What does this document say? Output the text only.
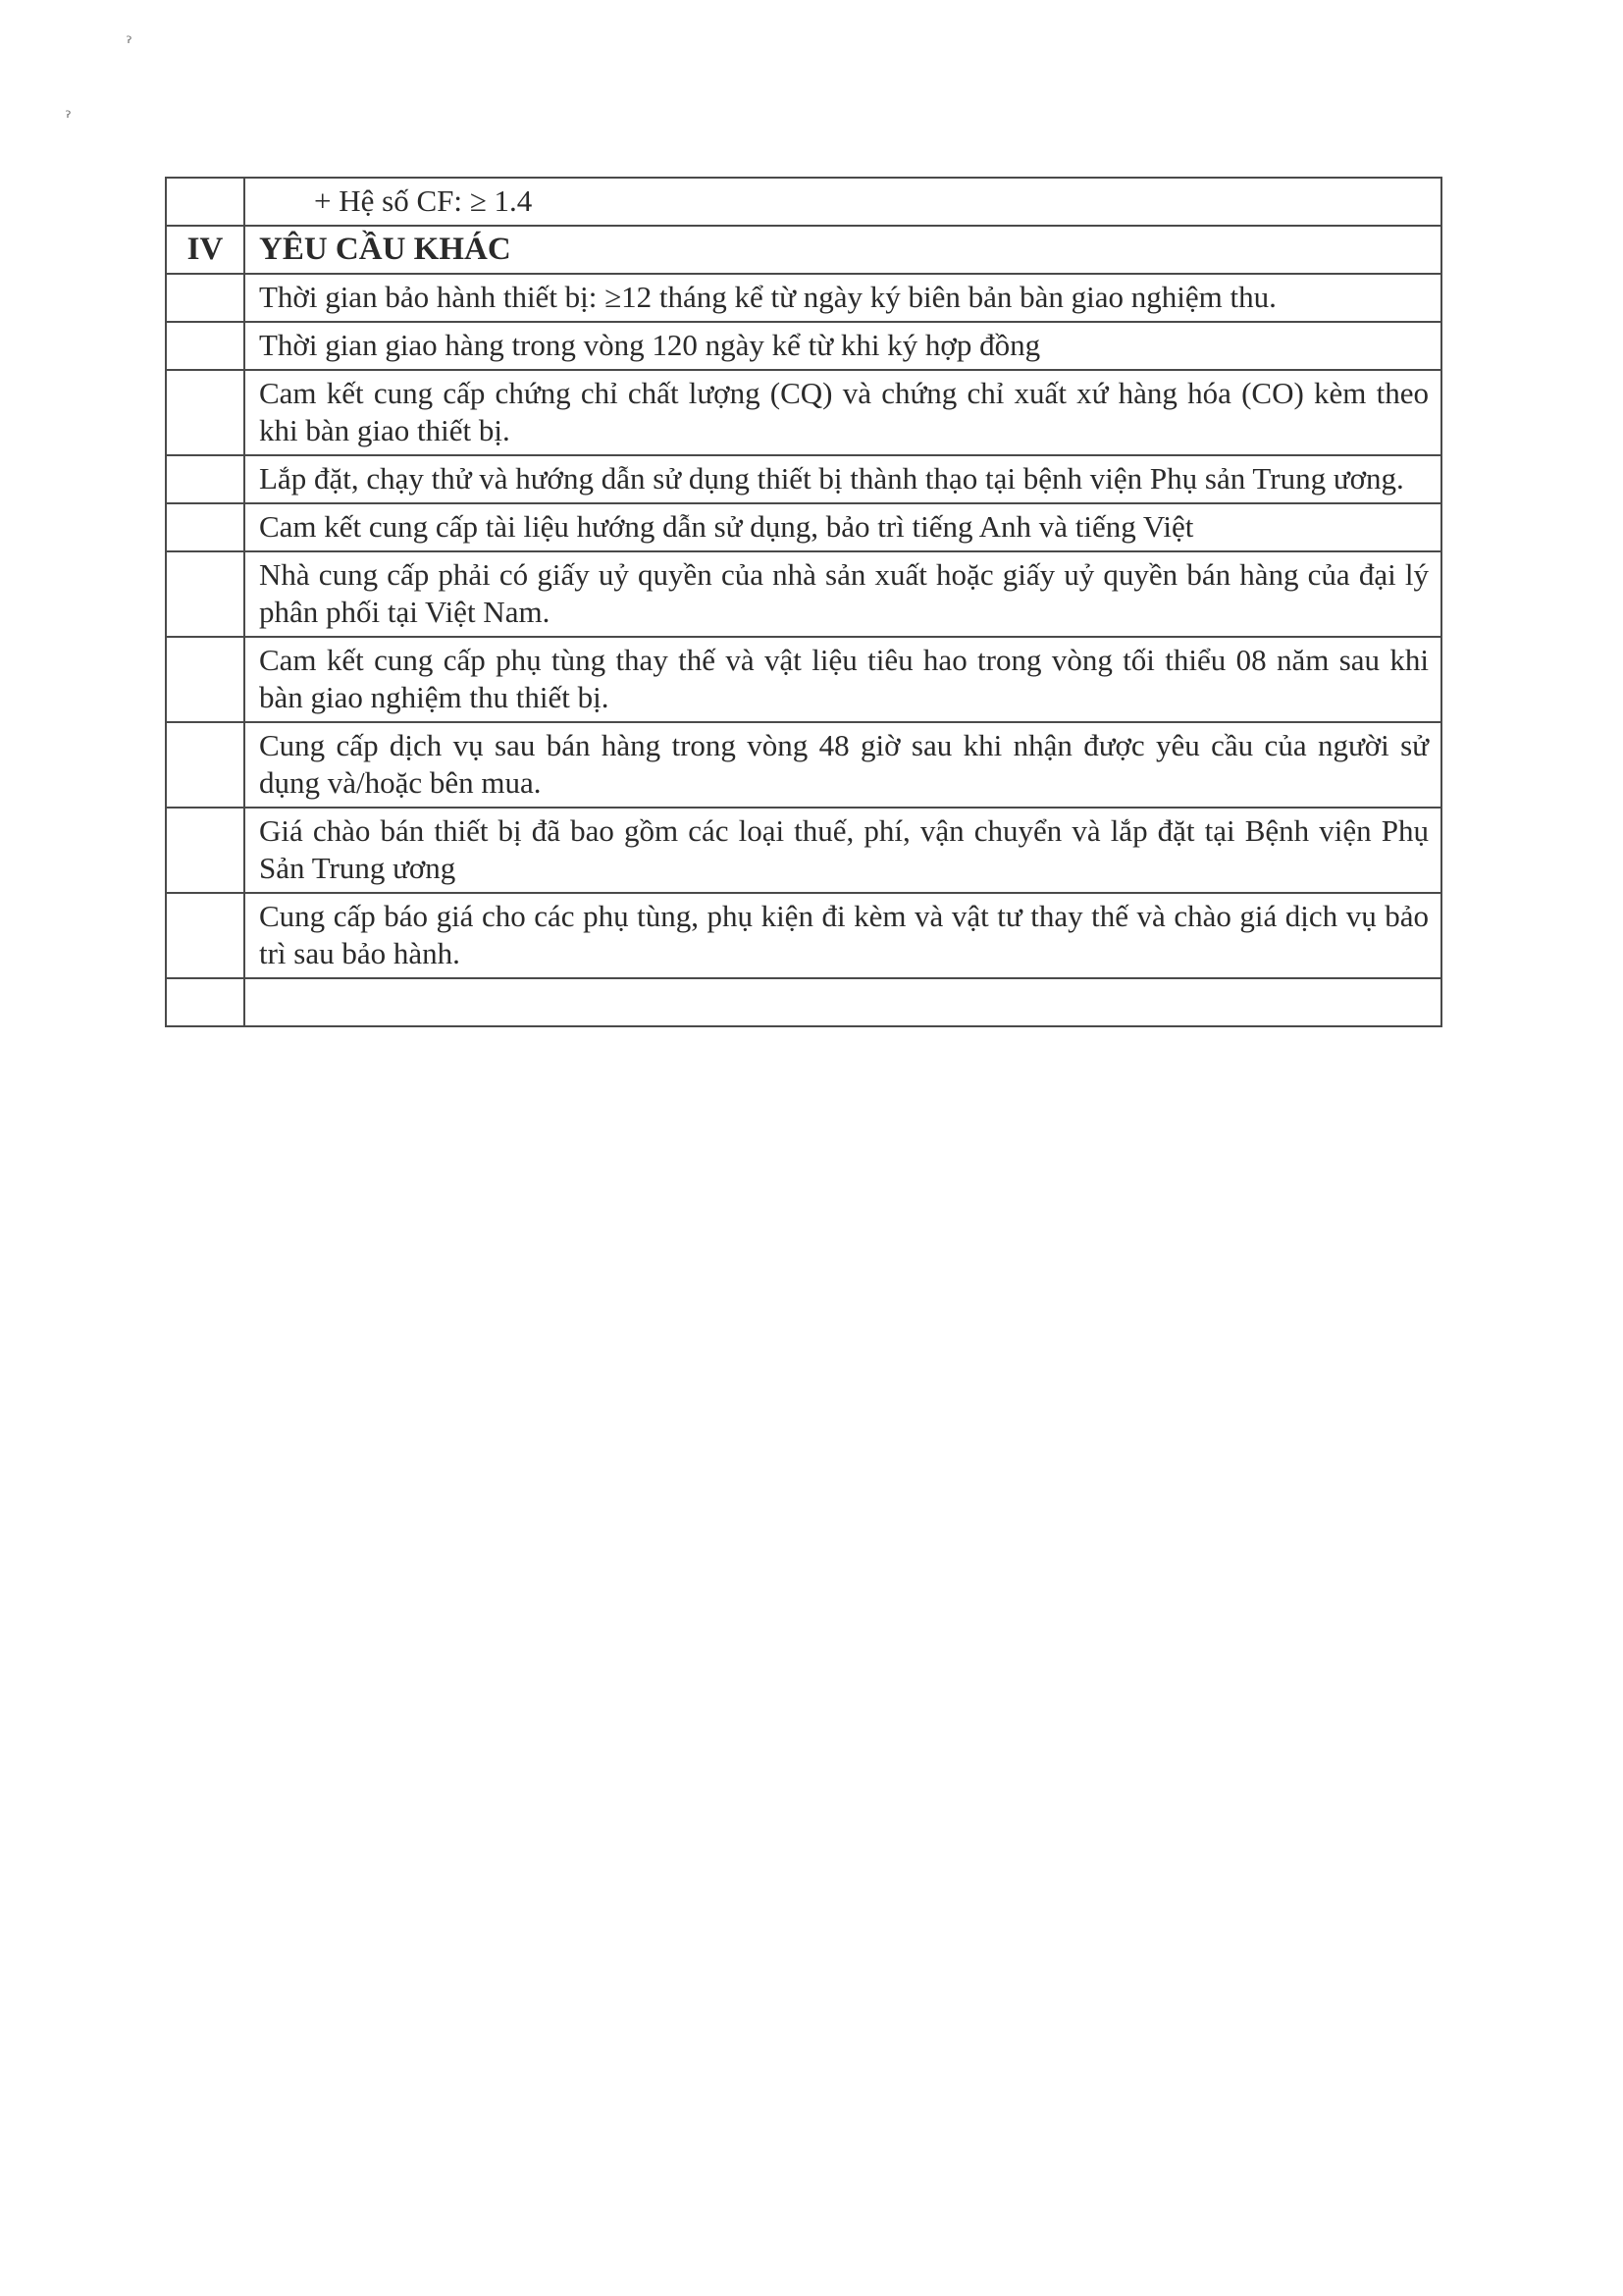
ˀ
ˀ
	+ Hệ số CF: ≥ 1.4
IV	YÊU CẦU KHÁC
	Thời gian bảo hành thiết bị: ≥12 tháng kể từ ngày ký biên bản bàn giao nghiệm thu.
	Thời gian giao hàng trong vòng 120 ngày kể từ khi ký hợp đồng
	Cam kết cung cấp chứng chỉ chất lượng (CQ) và chứng chỉ xuất xứ hàng hóa (CO) kèm theo khi bàn giao thiết bị.
	Lắp đặt, chạy thử và hướng dẫn sử dụng thiết bị thành thạo tại bệnh viện Phụ sản Trung ương.
	Cam kết cung cấp tài liệu hướng dẫn sử dụng, bảo trì tiếng Anh và tiếng Việt
	Nhà cung cấp phải có giấy uỷ quyền của nhà sản xuất hoặc giấy uỷ quyền bán hàng của đại lý phân phối tại Việt Nam.
	Cam kết cung cấp phụ tùng thay thế và vật liệu tiêu hao trong vòng tối thiểu 08 năm sau khi bàn giao nghiệm thu thiết bị.
	Cung cấp dịch vụ sau bán hàng trong vòng 48 giờ sau khi nhận được yêu cầu của người sử dụng và/hoặc bên mua.
	Giá chào bán thiết bị đã bao gồm các loại thuế, phí, vận chuyển và lắp đặt tại Bệnh viện Phụ Sản Trung ương
	Cung cấp báo giá cho các phụ tùng, phụ kiện đi kèm và vật tư thay thế và chào giá dịch vụ bảo trì sau bảo hành.
